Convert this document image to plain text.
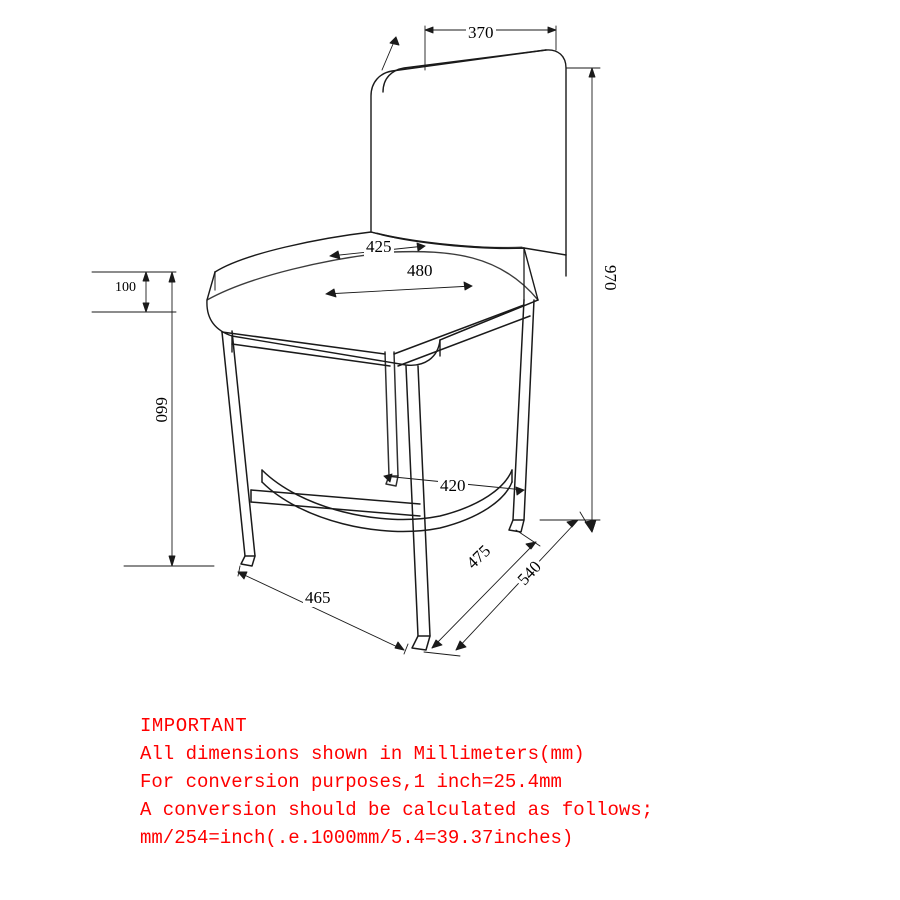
370
970
100
425
480
660
420
465
475
540
IMPORTANT
All dimensions shown in Millimeters(mm)
For conversion purposes,1 inch=25.4mm
A conversion should be calculated as follows;
mm/254=inch(.e.1000mm/5.4=39.37inches)
